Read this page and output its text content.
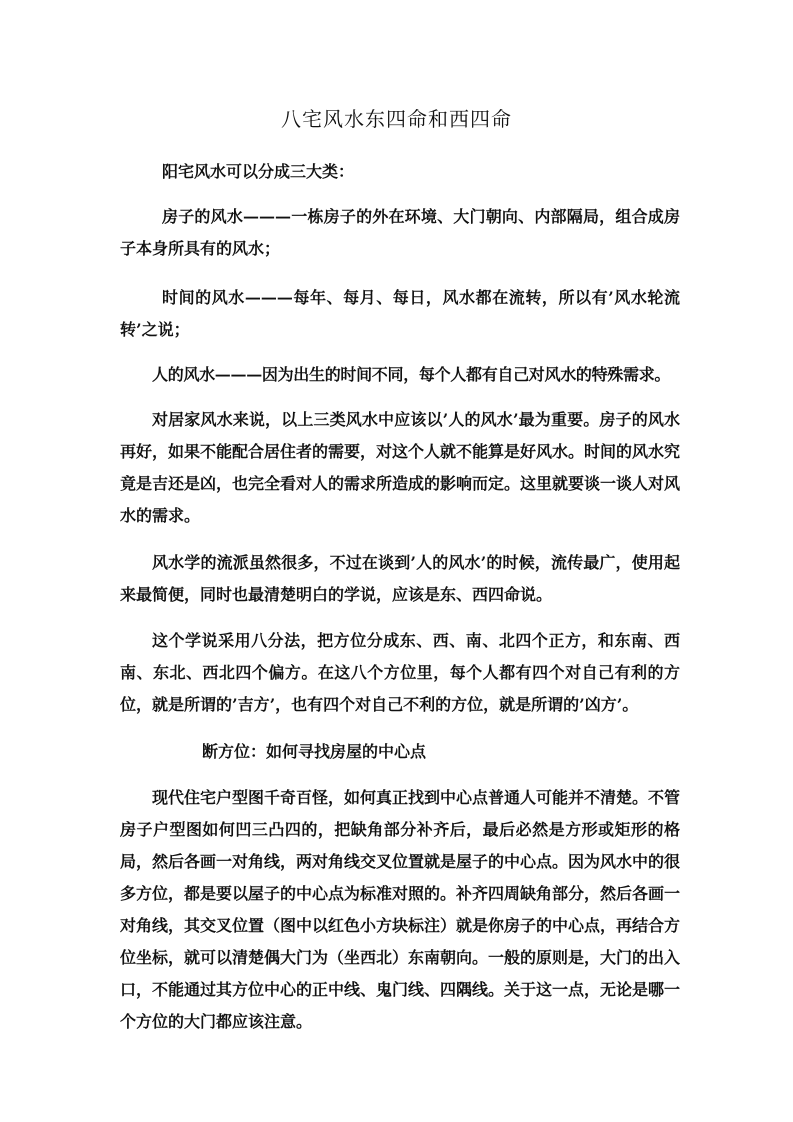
八宅风水东四命和西四命

阳宅风水可以分成三大类：

房子的风水———一栋房子的外在环境、大门朝向、内部隔局，组合成房子本身所具有的风水；

时间的风水———每年、每月、每日，风水都在流转，所以有’风水轮流转’之说；

人的风水———因为出生的时间不同，每个人都有自己对风水的特殊需求。

对居家风水来说，以上三类风水中应该以’人的风水’最为重要。房子的风水再好，如果不能配合居住者的需要，对这个人就不能算是好风水。时间的风水究竟是吉还是凶，也完全看对人的需求所造成的影响而定。这里就要谈一谈人对风水的需求。

风水学的流派虽然很多，不过在谈到’人的风水’的时候，流传最广，使用起来最简便，同时也最清楚明白的学说，应该是东、西四命说。

这个学说采用八分法，把方位分成东、西、南、北四个正方，和东南、西南、东北、西北四个偏方。在这八个方位里，每个人都有四个对自己有利的方位，就是所谓的’吉方’，也有四个对自己不利的方位，就是所谓的’凶方’。

断方位：如何寻找房屋的中心点

现代住宅户型图千奇百怪，如何真正找到中心点普通人可能并不清楚。不管房子户型图如何凹三凸四的，把缺角部分补齐后，最后必然是方形或矩形的格局，然后各画一对角线，两对角线交叉位置就是屋子的中心点。因为风水中的很多方位，都是要以屋子的中心点为标准对照的。补齐四周缺角部分，然后各画一对角线，其交叉位置（图中以红色小方块标注）就是你房子的中心点，再结合方位坐标，就可以清楚偶大门为（坐西北）东南朝向。一般的原则是，大门的出入口，不能通过其方位中心的正中线、鬼门线、四隅线。关于这一点，无论是哪一个方位的大门都应该注意。
